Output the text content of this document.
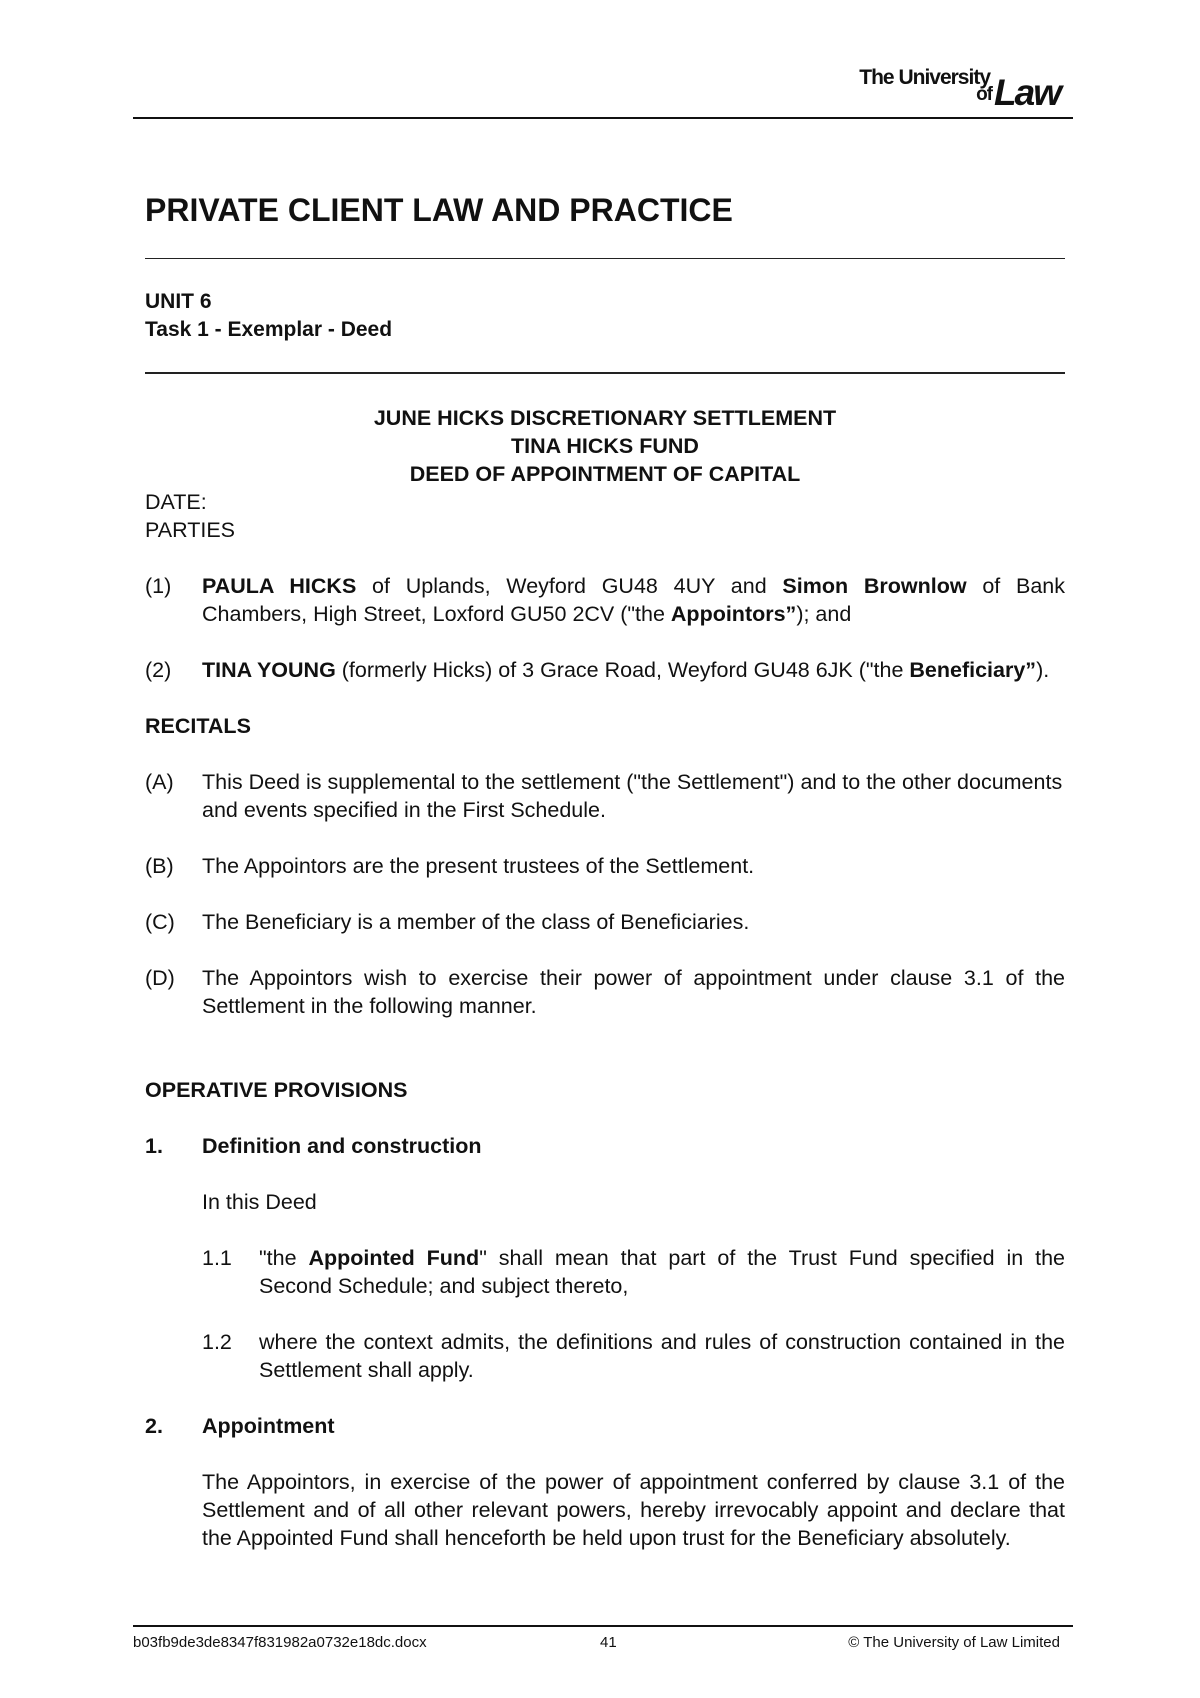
The University
of Law
PRIVATE CLIENT LAW AND PRACTICE
UNIT 6
Task 1 - Exemplar - Deed
JUNE HICKS DISCRETIONARY SETTLEMENT
TINA HICKS FUND
DEED OF APPOINTMENT OF CAPITAL
DATE:
PARTIES
(1)	PAULA HICKS of Uplands, Weyford GU48 4UY and Simon Brownlow of Bank Chambers, High Street, Loxford GU50 2CV ("the Appointors”); and
(2)	TINA YOUNG (formerly Hicks) of 3 Grace Road, Weyford GU48 6JK ("the Beneficiary”).
RECITALS
(A)	This Deed is supplemental to the settlement ("the Settlement") and to the other documents and events specified in the First Schedule.
(B)	The Appointors are the present trustees of the Settlement.
(C)	The Beneficiary is a member of the class of Beneficiaries.
(D)	The Appointors wish to exercise their power of appointment under clause 3.1 of the Settlement in the following manner.
OPERATIVE PROVISIONS
1.	Definition and construction
In this Deed
1.1	"the Appointed Fund" shall mean that part of the Trust Fund specified in the Second Schedule; and subject thereto,
1.2	where the context admits, the definitions and rules of construction contained in the Settlement shall apply.
2.	Appointment
The Appointors, in exercise of the power of appointment conferred by clause 3.1 of the Settlement and of all other relevant powers, hereby irrevocably appoint and declare that the Appointed Fund shall henceforth be held upon trust for the Beneficiary absolutely.
b03fb9de3de8347f831982a0732e18dc.docx	41	© The University of Law Limited
